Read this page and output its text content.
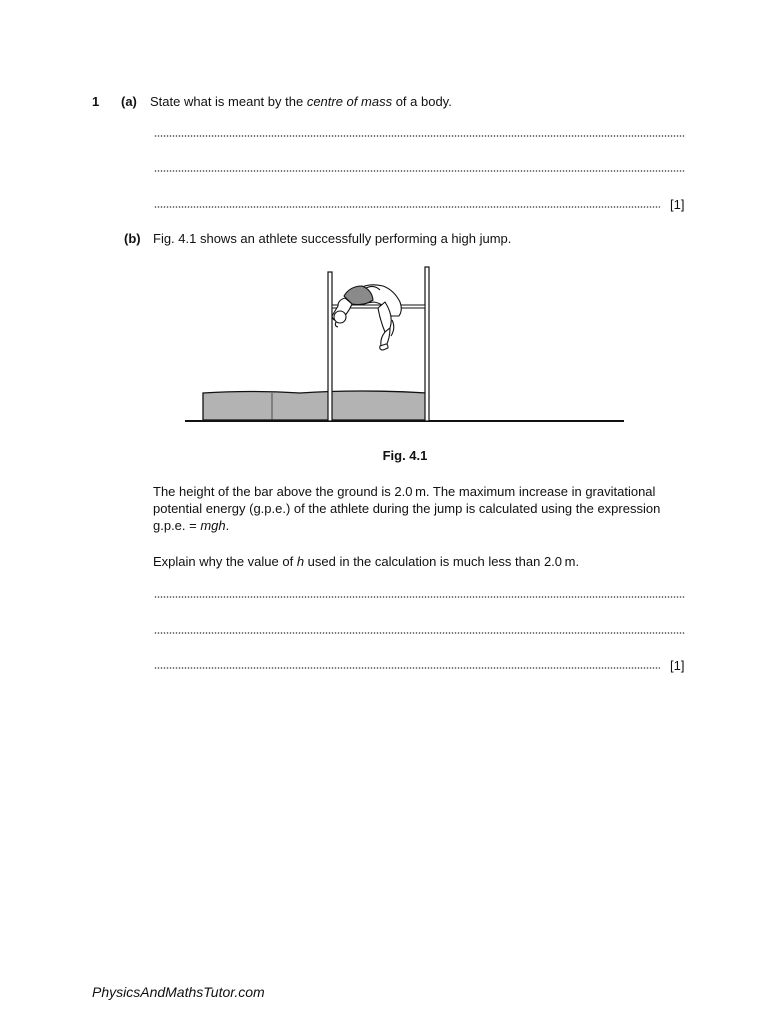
1 (a) State what is meant by the centre of mass of a body.
[1]
(b) Fig. 4.1 shows an athlete successfully performing a high jump.
Fig. 4.1
The height of the bar above the ground is 2.0 m. The maximum increase in gravitational potential energy (g.p.e.) of the athlete during the jump is calculated using the expression g.p.e. = mgh.
Explain why the value of h used in the calculation is much less than 2.0 m.
[1]
PhysicsAndMathsTutor.com
